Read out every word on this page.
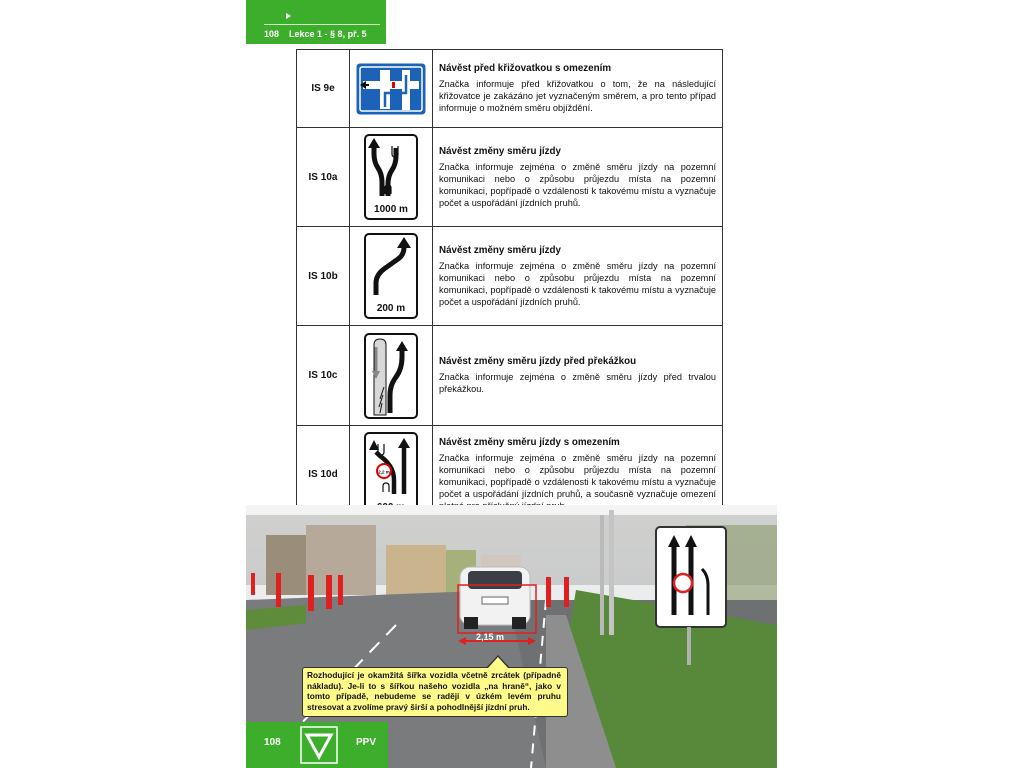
108 Lekce 1 - § 8, př. 5
IS 9e		Návěst před křižovatkou s omezením
Značka informuje před křižovatkou o tom, že na následující křižovatce je zakázáno jet vyznačeným směrem, a pro tento případ informuje o možném směru objíždění.

IS 10a	1000 m	Návěst změny směru jízdy
Značka informuje zejména o změně směru jízdy na pozemní komunikaci nebo o způsobu průjezdu místa na pozemní komunikaci, popřípadě o vzdálenosti k takovému místu a vyznačuje počet a uspořádání jízdních pruhů.

IS 10b	200 m	Návěst změny směru jízdy
Značka informuje zejména o změně směru jízdy na pozemní komunikaci nebo o způsobu průjezdu místa na pozemní komunikaci, popřípadě o vzdálenosti k takovému místu a vyznačuje počet a uspořádání jízdních pruhů.

IS 10c		Návěst změny směru jízdy před překážkou
Značka informuje zejména o změně směru jízdy před trvalou překážkou.

IS 10d	2,2 m	Návěst změny směru jízdy s omezením
Značka informuje zejména o změně směru jízdy na pozemní komunikaci nebo o způsobu průjezdu místa na pozemní komunikaci, popřípadě o vzdálenosti k takovému místu a vyznačuje počet a uspořádání jízdních pruhů, a současně vyznačuje omezení
2,15 m
Rozhodující je okamžitá šířka vozidla včetně zrcátek (případně nákladu). Je-li to s šířkou našeho vozidla „na hraně“, jako v tomto případě, nebudeme se raději v úzkém levém pruhu stresovat a zvolíme pravý širší a pohodlnější jízdní pruh.
108	PPV
